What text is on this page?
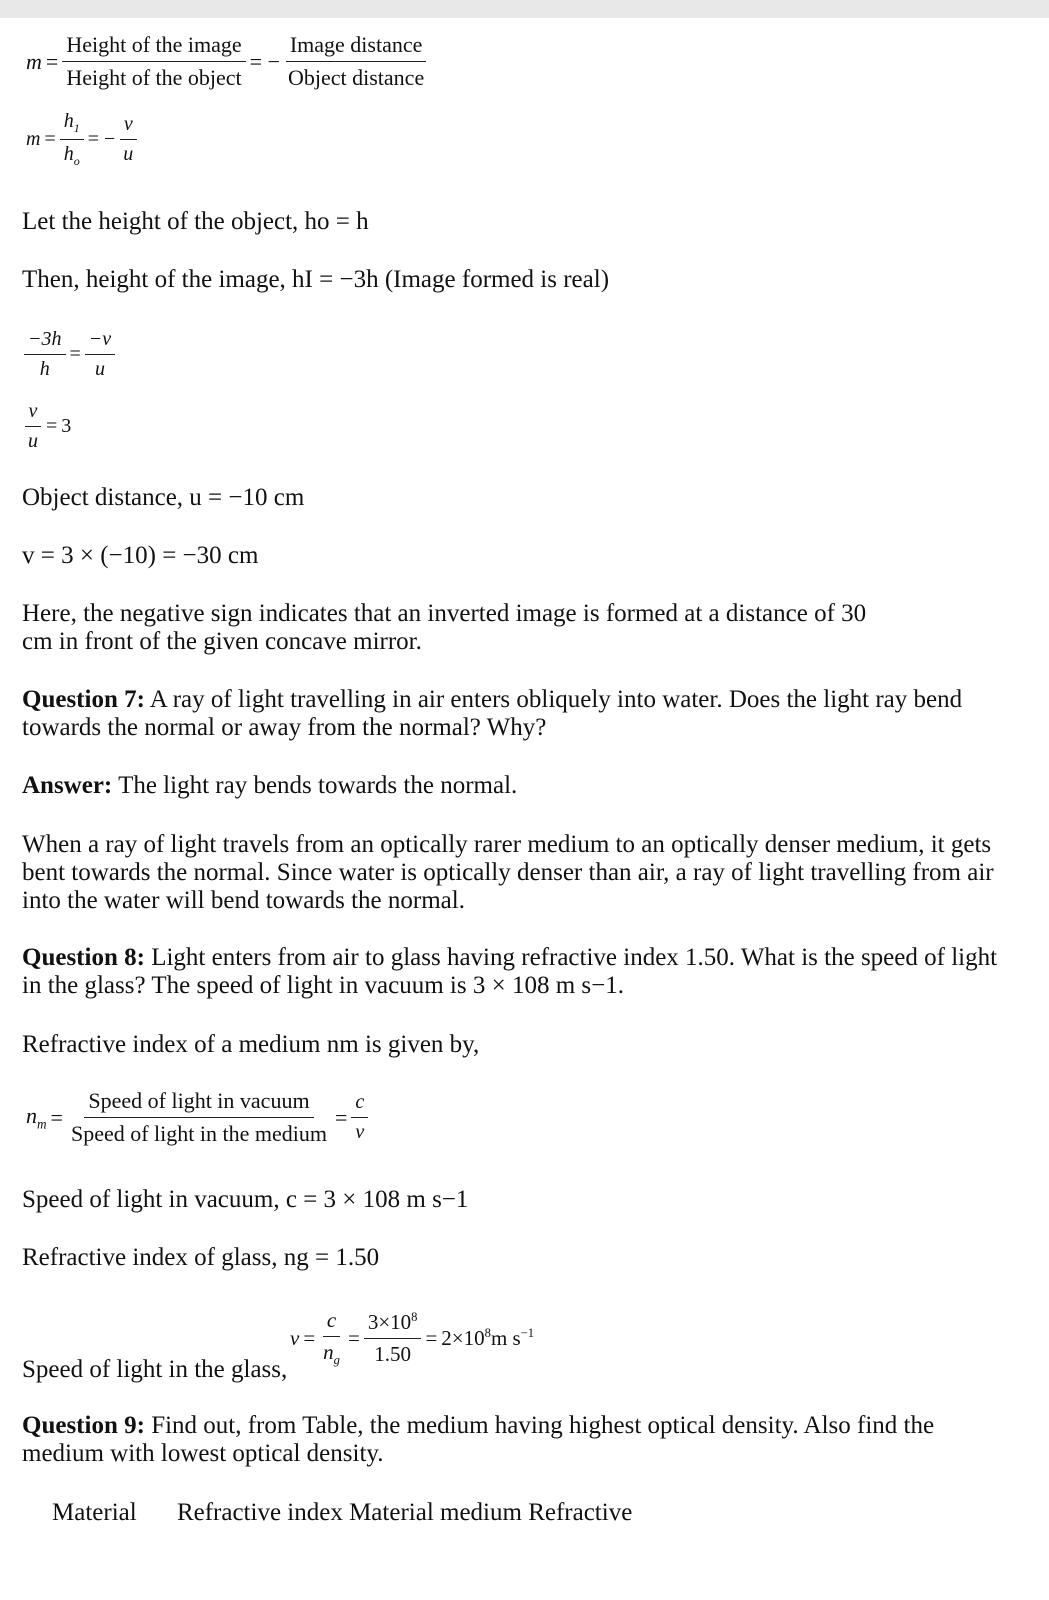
$m = \frac{\text{Height of the image}}{\text{Height of the object}}$ = − $\frac{\text{Image distance}}{\text{Object distance}}$
$m = \frac{h_1}{h_o}$ = − $\frac{v}{u}$
Let the height of the object, ho = h
Then, height of the image, hI = −3h (Image formed is real)
$\frac{-3h}{h} = \frac{-v}{u}$
$\frac{v}{u} = 3$
Object distance, u = −10 cm
v = 3 × (−10) = −30 cm
Here, the negative sign indicates that an inverted image is formed at a distance of 30 cm in front of the given concave mirror.
Question 7: A ray of light travelling in air enters obliquely into water. Does the light ray bend towards the normal or away from the normal? Why?
Answer: The light ray bends towards the normal.
When a ray of light travels from an optically rarer medium to an optically denser medium, it gets bent towards the normal. Since water is optically denser than air, a ray of light travelling from air into the water will bend towards the normal.
Question 8: Light enters from air to glass having refractive index 1.50. What is the speed of light in the glass? The speed of light in vacuum is 3 × 108 m s−1.
Refractive index of a medium nm is given by,
$n_m = \frac{\text{Speed of light in vacuum}}{\text{Speed of light in the medium}} = \frac{c}{v}$
Speed of light in vacuum, c = 3 × 108 m s−1
Refractive index of glass, ng = 1.50
Speed of light in the glass,
$v = \frac{c}{n_g} = \frac{3\times 10^8}{1.50} = 2\times 10^8m$ $s^{-1}$
Question 9: Find out, from Table, the medium having highest optical density. Also find the medium with lowest optical density.
Material Refractive index Material medium Refractive
